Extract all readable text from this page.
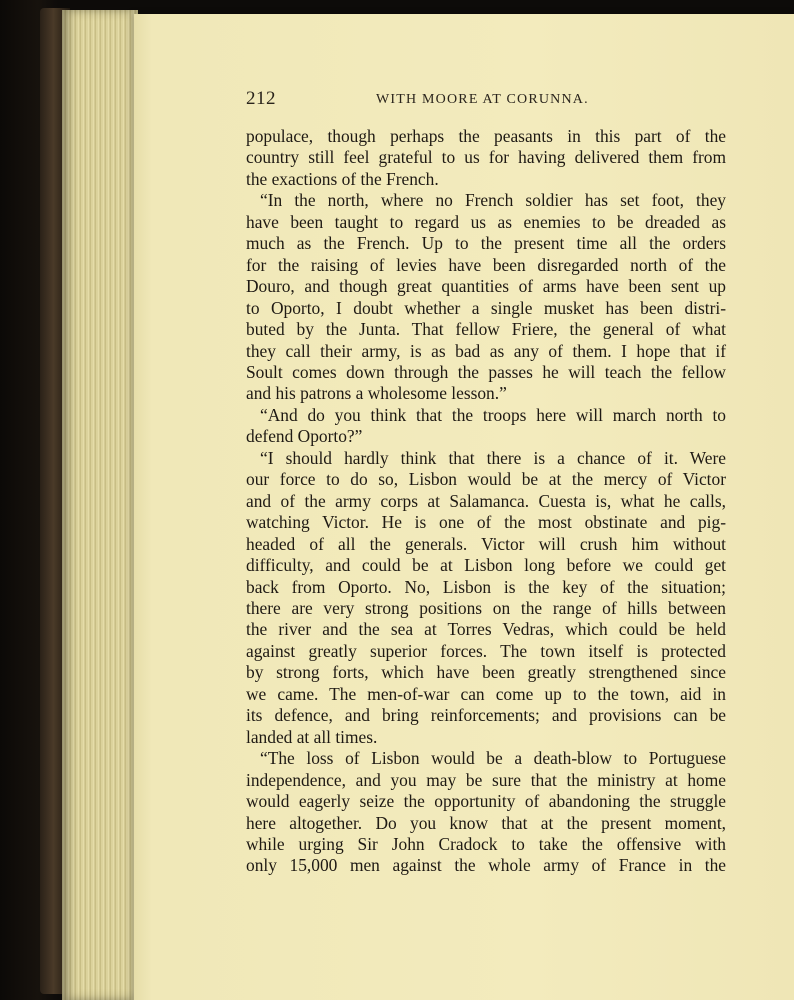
212	WITH MOORE AT CORUNNA.

populace, though perhaps the peasants in this part of the

country still feel grateful to us for having delivered them from

the exactions of the French.

“In the north, where no French soldier has set foot, they

have been taught to regard us as enemies to be dreaded as

much as the French. Up to the present time all the orders

for the raising of levies have been disregarded north of the

Douro, and though great quantities of arms have been sent up

to Oporto, I doubt whether a single musket has been distri-

buted by the Junta. That fellow Friere, the general of what

they call their army, is as bad as any of them. I hope that if

Soult comes down through the passes he will teach the fellow

and his patrons a wholesome lesson.”

“And do you think that the troops here will march north to

defend Oporto?”

“I should hardly think that there is a chance of it. Were

our force to do so, Lisbon would be at the mercy of Victor

and of the army corps at Salamanca. Cuesta is, what he calls,

watching Victor. He is one of the most obstinate and pig-

headed of all the generals. Victor will crush him without

difficulty, and could be at Lisbon long before we could get

back from Oporto. No, Lisbon is the key of the situation;

there are very strong positions on the range of hills between

the river and the sea at Torres Vedras, which could be held

against greatly superior forces. The town itself is protected

by strong forts, which have been greatly strengthened since

we came. The men-of-war can come up to the town, aid in

its defence, and bring reinforcements; and provisions can be

landed at all times.

“The loss of Lisbon would be a death-blow to Portuguese

independence, and you may be sure that the ministry at home

would eagerly seize the opportunity of abandoning the struggle

here altogether. Do you know that at the present moment,

while urging Sir John Cradock to take the offensive with

only 15,000 men against the whole army of France in the
